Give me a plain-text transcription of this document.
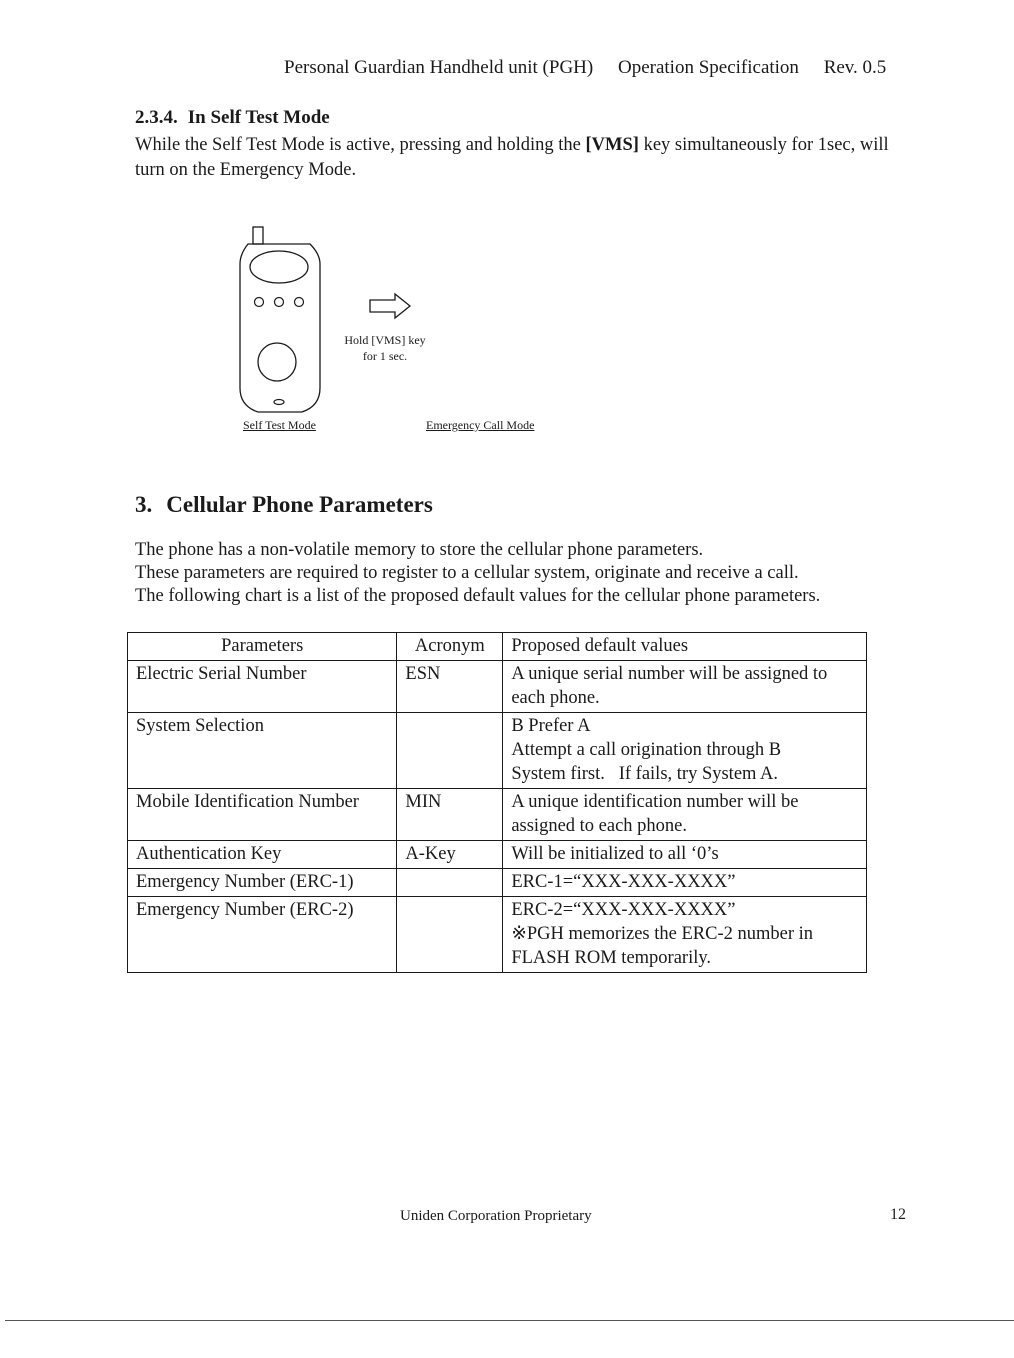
Personal Guardian Handheld unit (PGH) Operation Specification Rev. 0.5
2.3.4. In Self Test Mode
While the Self Test Mode is active, pressing and holding the [VMS] key simultaneously for 1sec, will turn on the Emergency Mode.
Hold [VMS] key
for 1 sec.
Self Test Mode	Emergency Call Mode
3. Cellular Phone Parameters
The phone has a non-volatile memory to store the cellular phone parameters.
These parameters are required to register to a cellular system, originate and receive a call.
The following chart is a list of the proposed default values for the cellular phone parameters.
Parameters	Acronym	Proposed default values
Electric Serial Number	ESN	A unique serial number will be assigned to
each phone.

System Selection		B Prefer A
Attempt a call origination through B
System first.   If fails, try System A.

Mobile Identification Number	MIN	A unique identification number will be
assigned to each phone.

Authentication Key	A-Key	Will be initialized to all ‘0’s

Emergency Number (ERC-1)		ERC-1=“XXX-XXX-XXXX”

Emergency Number (ERC-2)		ERC-2=“XXX-XXX-XXXX”
※PGH memorizes the ERC-2 number in
FLASH ROM temporarily.
Uniden Corporation Proprietary	12
